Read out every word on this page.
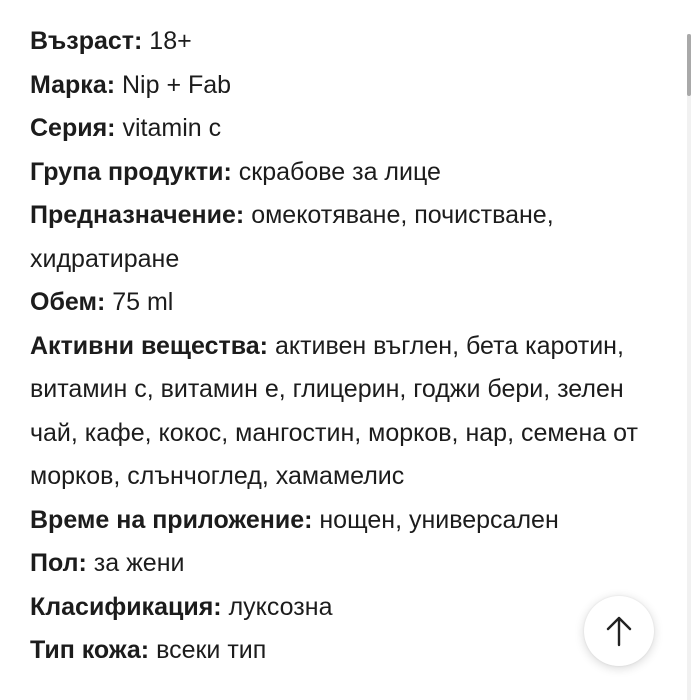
Възраст: 18+

Марка: Nip + Fab

Серия: vitamin c

Група продукти: скрабове за лице

Предназначение: омекотяване, почистване, хидратиране

Обем: 75 ml

Активни вещества: активен въглен, бета каротин, витамин с, витамин е, глицерин, годжи бери, зелен чай, кафе, кокос, мангостин, морков, нар, семена от морков, слънчоглед, хамамелис

Време на приложение: нощен, универсален

Пол: за жени

Класификация: луксозна

Тип кожа: всеки тип
